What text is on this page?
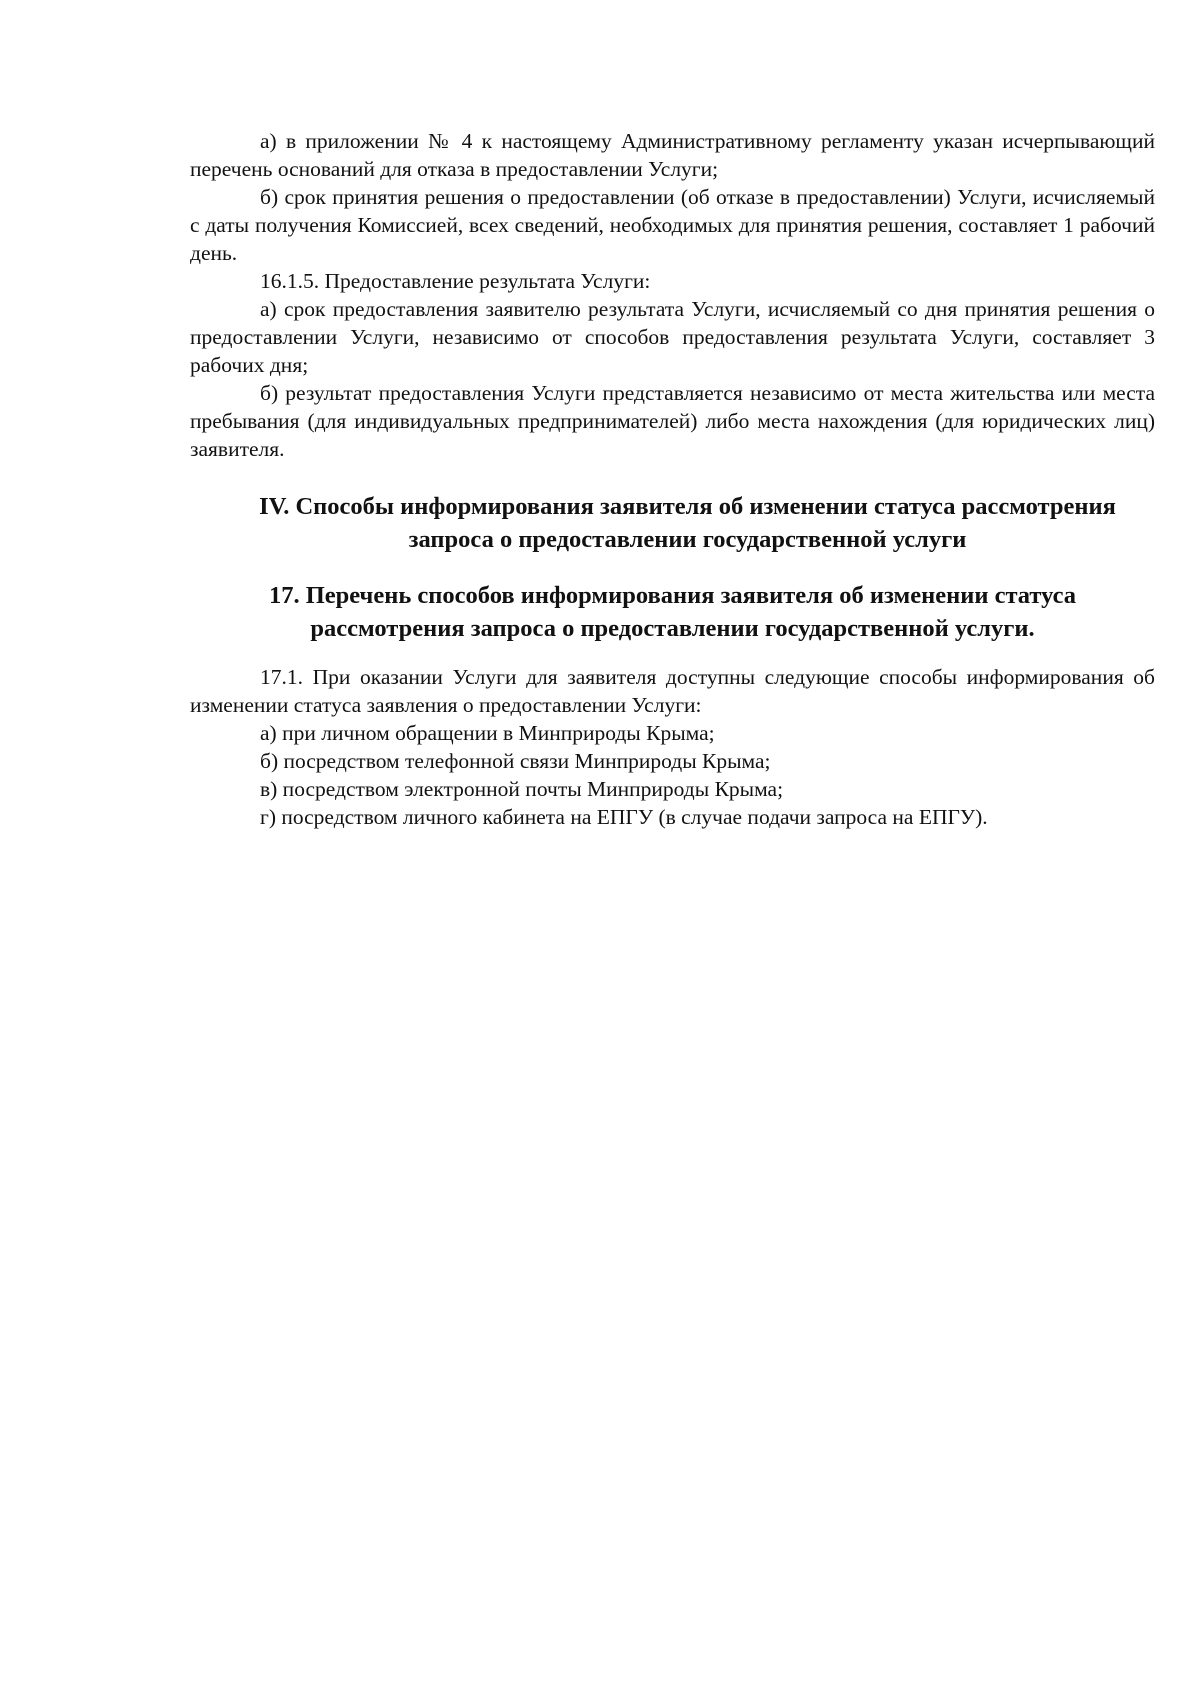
а) в приложении № 4 к настоящему Административному регламенту указан исчерпывающий перечень оснований для отказа в предоставлении Услуги;

б) срок принятия решения о предоставлении (об отказе в предоставлении) Услуги, исчисляемый с даты получения Комиссией, всех сведений, необходимых для принятия решения, составляет 1 рабочий день.

16.1.5. Предоставление результата Услуги:

а) срок предоставления заявителю результата Услуги, исчисляемый со дня принятия решения о предоставлении Услуги, независимо от способов предоставления результата Услуги, составляет 3 рабочих дня;

б) результат предоставления Услуги представляется независимо от места жительства или места пребывания (для индивидуальных предпринимателей) либо места нахождения (для юридических лиц) заявителя.

IV. Способы информирования заявителя об изменении статуса рассмотрения запроса о предоставлении государственной услуги

17. Перечень способов информирования заявителя об изменении статуса рассмотрения запроса о предоставлении государственной услуги.

17.1. При оказании Услуги для заявителя доступны следующие способы информирования об изменении статуса заявления о предоставлении Услуги:

а) при личном обращении в Минприроды Крыма;

б) посредством телефонной связи Минприроды Крыма;

в) посредством электронной почты Минприроды Крыма;

г) посредством личного кабинета на ЕПГУ (в случае подачи запроса на ЕПГУ).
